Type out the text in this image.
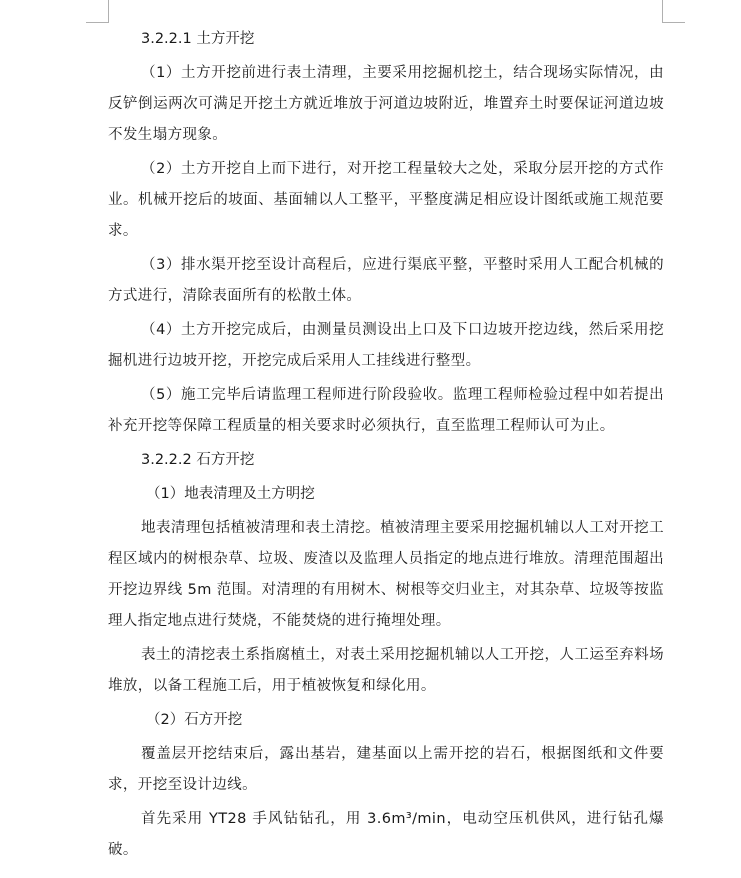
3.2.2.1 土方开挖

（1）土方开挖前进行表土清理，主要采用挖掘机挖土，结合现场实际情况，由反铲倒运两次可满足开挖土方就近堆放于河道边坡附近，堆置弃土时要保证河道边坡不发生塌方现象。

（2）土方开挖自上而下进行，对开挖工程量较大之处，采取分层开挖的方式作业。机械开挖后的坡面、基面辅以人工整平，平整度满足相应设计图纸或施工规范要求。

（3）排水渠开挖至设计高程后，应进行渠底平整，平整时采用人工配合机械的方式进行，清除表面所有的松散土体。

（4）土方开挖完成后，由测量员测设出上口及下口边坡开挖边线，然后采用挖掘机进行边坡开挖，开挖完成后采用人工挂线进行整型。

（5）施工完毕后请监理工程师进行阶段验收。监理工程师检验过程中如若提出补充开挖等保障工程质量的相关要求时必须执行，直至监理工程师认可为止。

3.2.2.2 石方开挖

（1）地表清理及土方明挖

地表清理包括植被清理和表土清挖。植被清理主要采用挖掘机辅以人工对开挖工程区域内的树根杂草、垃圾、废渣以及监理人员指定的地点进行堆放。清理范围超出开挖边界线 5m 范围。对清理的有用树木、树根等交归业主，对其杂草、垃圾等按监理人指定地点进行焚烧，不能焚烧的进行掩埋处理。

表土的清挖表土系指腐植土，对表土采用挖掘机辅以人工开挖，人工运至弃料场堆放，以备工程施工后，用于植被恢复和绿化用。

（2）石方开挖

覆盖层开挖结束后，露出基岩，建基面以上需开挖的岩石，根据图纸和文件要求，开挖至设计边线。

首先采用 YT28 手风钻钻孔，用 3.6m³/min，电动空压机供风，进行钻孔爆破。
